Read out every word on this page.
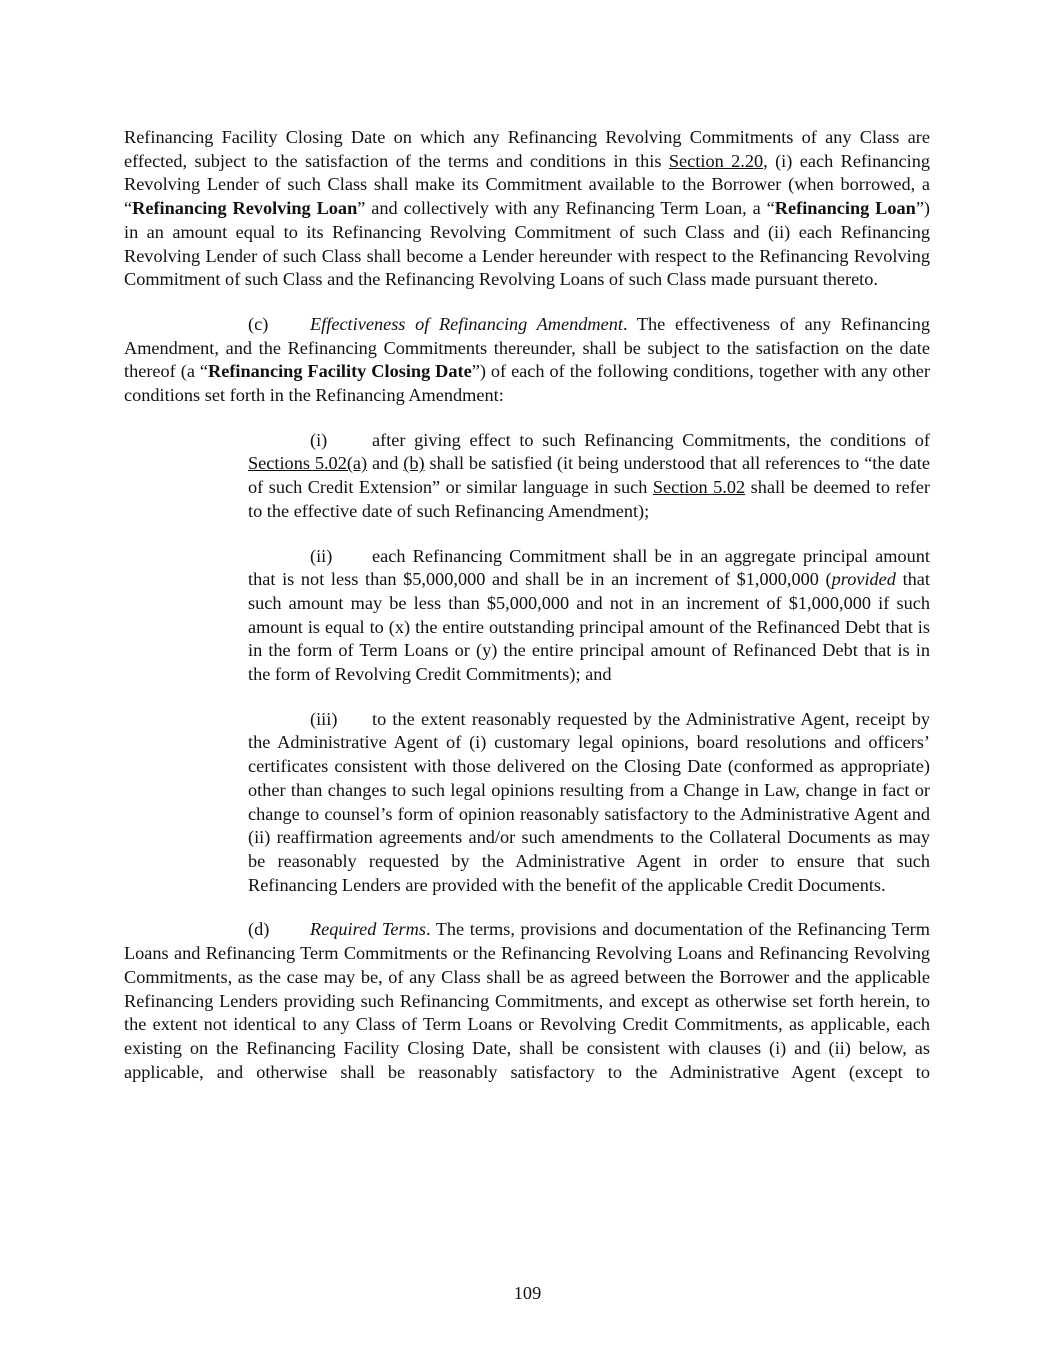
Refinancing Facility Closing Date on which any Refinancing Revolving Commitments of any Class are effected, subject to the satisfaction of the terms and conditions in this Section 2.20, (i) each Refinancing Revolving Lender of such Class shall make its Commitment available to the Borrower (when borrowed, a “Refinancing Revolving Loan” and collectively with any Refinancing Term Loan, a “Refinancing Loan”) in an amount equal to its Refinancing Revolving Commitment of such Class and (ii) each Refinancing Revolving Lender of such Class shall become a Lender hereunder with respect to the Refinancing Revolving Commitment of such Class and the Refinancing Revolving Loans of such Class made pursuant thereto.

(c) Effectiveness of Refinancing Amendment. The effectiveness of any Refinancing Amendment, and the Refinancing Commitments thereunder, shall be subject to the satisfaction on the date thereof (a “Refinancing Facility Closing Date”) of each of the following conditions, together with any other conditions set forth in the Refinancing Amendment:

(i) after giving effect to such Refinancing Commitments, the conditions of Sections 5.02(a) and (b) shall be satisfied (it being understood that all references to “the date of such Credit Extension” or similar language in such Section 5.02 shall be deemed to refer to the effective date of such Refinancing Amendment);

(ii) each Refinancing Commitment shall be in an aggregate principal amount that is not less than $5,000,000 and shall be in an increment of $1,000,000 (provided that such amount may be less than $5,000,000 and not in an increment of $1,000,000 if such amount is equal to (x) the entire outstanding principal amount of the Refinanced Debt that is in the form of Term Loans or (y) the entire principal amount of Refinanced Debt that is in the form of Revolving Credit Commitments); and

(iii) to the extent reasonably requested by the Administrative Agent, receipt by the Administrative Agent of (i) customary legal opinions, board resolutions and officers’ certificates consistent with those delivered on the Closing Date (conformed as appropriate) other than changes to such legal opinions resulting from a Change in Law, change in fact or change to counsel’s form of opinion reasonably satisfactory to the Administrative Agent and (ii) reaffirmation agreements and/or such amendments to the Collateral Documents as may be reasonably requested by the Administrative Agent in order to ensure that such Refinancing Lenders are provided with the benefit of the applicable Credit Documents.

(d) Required Terms. The terms, provisions and documentation of the Refinancing Term Loans and Refinancing Term Commitments or the Refinancing Revolving Loans and Refinancing Revolving Commitments, as the case may be, of any Class shall be as agreed between the Borrower and the applicable Refinancing Lenders providing such Refinancing Commitments, and except as otherwise set forth herein, to the extent not identical to any Class of Term Loans or Revolving Credit Commitments, as applicable, each existing on the Refinancing Facility Closing Date, shall be consistent with clauses (i) and (ii) below, as applicable, and otherwise shall be reasonably satisfactory to the Administrative Agent (except to

109
